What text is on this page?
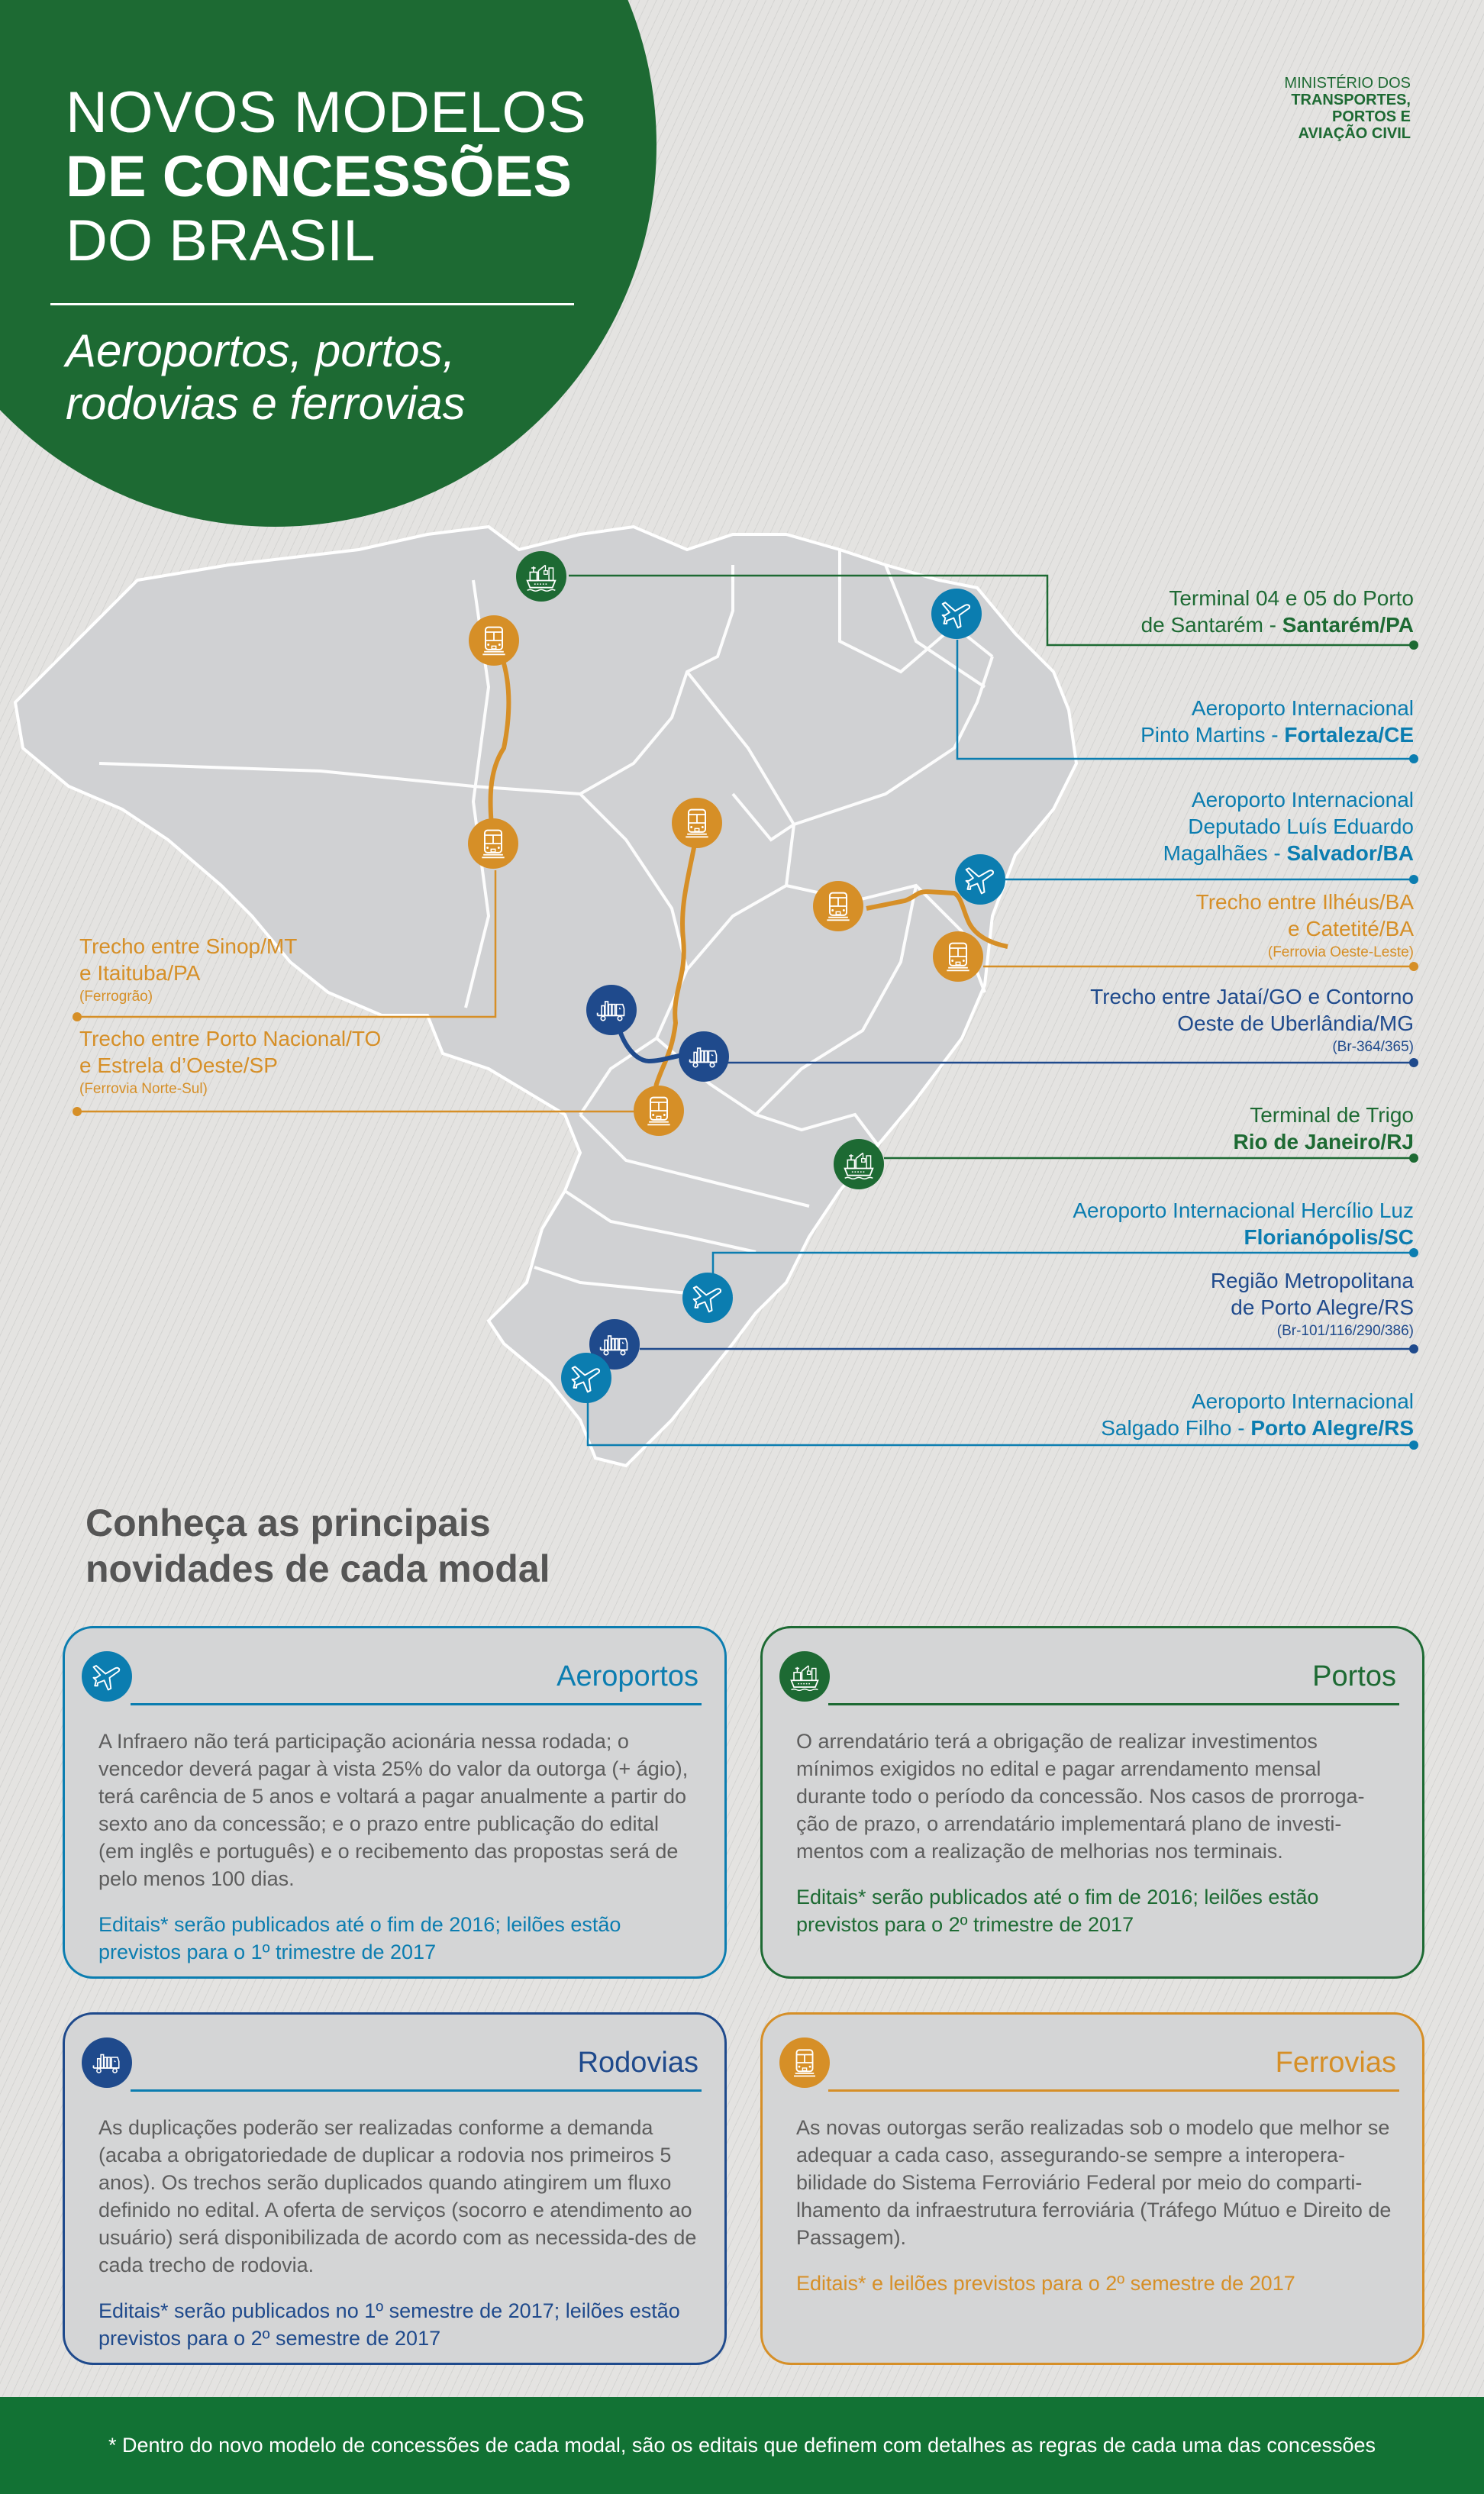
NOVOS MODELOS
DE CONCESSÕES
DO BRASIL
Aeroportos, portos,
rodovias e ferrovias
MINISTÉRIO DOS
TRANSPORTES,
PORTOS E
AVIAÇÃO CIVIL
Terminal 04 e 05 do Porto
de Santarém - Santarém/PA
Aeroporto Internacional
Pinto Martins - Fortaleza/CE
Aeroporto Internacional
Deputado Luís Eduardo
Magalhães - Salvador/BA
Trecho entre Ilhéus/BA
e Catetité/BA
(Ferrovia Oeste-Leste)
Trecho entre Jataí/GO e Contorno
Oeste de Uberlândia/MG
(Br-364/365)
Terminal de Trigo
Rio de Janeiro/RJ
Aeroporto Internacional Hercílio Luz
Florianópolis/SC
Região Metropolitana
de Porto Alegre/RS
(Br-101/116/290/386)
Aeroporto Internacional
Salgado Filho - Porto Alegre/RS
Trecho entre Sinop/MT
e Itaituba/PA
(Ferrogrão)
Trecho entre Porto Nacional/TO
e Estrela d’Oeste/SP
(Ferrovia Norte-Sul)
Conheça as principais
novidades de cada modal
Aeroportos
A Infraero não terá participação acionária nessa rodada; o vencedor deverá pagar à vista 25% do valor da outorga (+ ágio), terá carência de 5 anos e voltará a pagar anualmente a partir do sexto ano da concessão; e o prazo entre publicação do edital (em inglês e português) e o recibemento das propostas será de pelo menos 100 dias.
Editais* serão publicados até o fim de 2016; leilões estão previstos para o 1º trimestre de 2017
Portos
O arrendatário terá a obrigação de realizar investimentos mínimos exigidos no edital e pagar arrendamento mensal durante todo o período da concessão. Nos casos de prorroga-ção de prazo, o arrendatário implementará plano de investi-mentos com a realização de melhorias nos terminais.
Editais* serão publicados até o fim de 2016; leilões estão previstos para o 2º trimestre de 2017
Rodovias
As duplicações poderão ser realizadas conforme a demanda (acaba a obrigatoriedade de duplicar a rodovia nos primeiros 5 anos). Os trechos serão duplicados quando atingirem um fluxo definido no edital. A oferta de serviços (socorro e atendimento ao usuário) será disponibilizada de acordo com as necessida-des de cada trecho de rodovia.
Editais* serão publicados no 1º semestre de 2017; leilões estão previstos para o 2º semestre de 2017
Ferrovias
As novas outorgas serão realizadas sob o modelo que melhor se adequar a cada caso, assegurando-se sempre a interopera-bilidade do Sistema Ferroviário Federal por meio do comparti-lhamento da infraestrutura ferroviária (Tráfego Mútuo e Direito de Passagem).
Editais* e leilões previstos para o 2º semestre de 2017
* Dentro do novo modelo de concessões de cada modal, são os editais que definem com detalhes as regras de cada uma das concessões
